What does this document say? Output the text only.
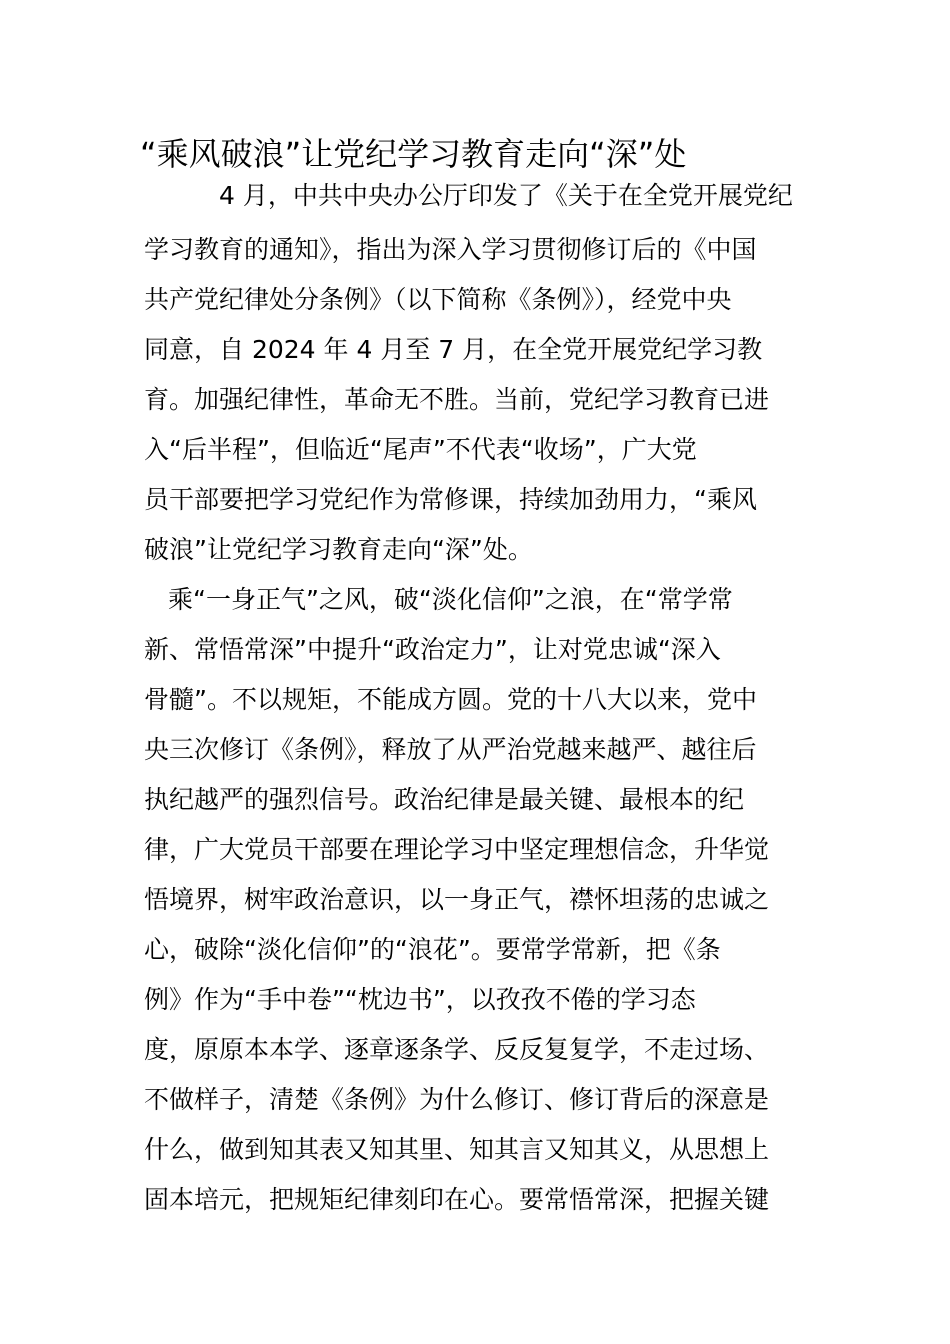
“乘风破浪”让党纪学习教育走向“深”处

4 月，中共中央办公厅印发了《关于在全党开展党纪

学习教育的通知》，指出为深入学习贯彻修订后的《中国

共产党纪律处分条例》（以下简称《条例》），经党中央

同意，自 2024 年 4 月至 7 月，在全党开展党纪学习教

育。加强纪律性，革命无不胜。当前，党纪学习教育已进

入“后半程”，但临近“尾声”不代表“收场”，广大党

员干部要把学习党纪作为常修课，持续加劲用力，“乘风

破浪”让党纪学习教育走向“深”处。

乘“一身正气”之风，破“淡化信仰”之浪，在“常学常

新、常悟常深”中提升“政治定力”，让对党忠诚“深入

骨髓”。不以规矩，不能成方圆。党的十八大以来，党中

央三次修订《条例》，释放了从严治党越来越严、越往后

执纪越严的强烈信号。政治纪律是最关键、最根本的纪

律，广大党员干部要在理论学习中坚定理想信念，升华觉

悟境界，树牢政治意识，以一身正气，襟怀坦荡的忠诚之

心，破除“淡化信仰”的“浪花”。要常学常新，把《条

例》作为“手中卷”“枕边书”，以孜孜不倦的学习态

度，原原本本学、逐章逐条学、反反复复学，不走过场、

不做样子，清楚《条例》为什么修订、修订背后的深意是

什么，做到知其表又知其里、知其言又知其义，从思想上

固本培元，把规矩纪律刻印在心。要常悟常深，把握关键
